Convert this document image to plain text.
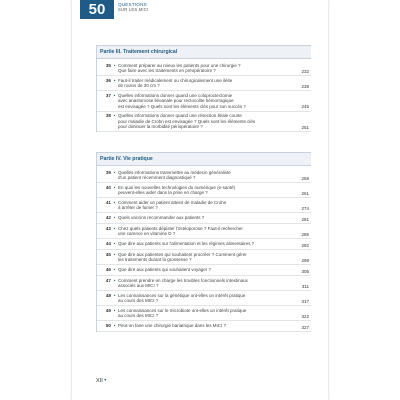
50	QUESTIONS
SUR LES MICI
Partie III. Traitement chirurgical
35 • Comment préparer au mieux les patients pour une chirurgie ?
Que faire avec les traitements en préopératoire ?	232
36 • Faut-il traiter médicalement ou chirurgicalement une iléite
de moins de 30 cm ?	238
37 • Quelles informations donner quand une coloproctectomie
avec anastomose iléoanale pour rectocolite hémorragique
est envisagée ? Quels sont les éléments clés pour son succès ?	245
38 • Quelles informations donner quand une résection iléale courte
pour maladie de Crohn est envisagée ? Quels sont les éléments clés
pour diminuer la morbidité périopératoire ?	251
Partie IV. Vie pratique
39 • Quelles informations transmettre au médecin généraliste
d'un patient récemment diagnostiqué ?	258
40 • En quoi les nouvelles technologies du numérique (e-santé)
peuvent-elles aider dans la prise en charge ?	261
41 • Comment aider un patient atteint de maladie de Crohn
à arrêter de fumer ?	274
42 • Quels vaccins recommander aux patients ?	281
43 • Chez quels patients dépister l'ostéoporose ? Faut-il rechercher
une carence en vitamine D ?	286
44 • Que dire aux patients sur l'alimentation et les régimes alimentaires ?	292
45 • Que dire aux patientes qui souhaitent procréer ? Comment gérer
les traitements durant la grossesse ?	298
46 • Que dire aux patients qui souhaitent voyager ?	305
47 • Comment prendre en charge les troubles fonctionnels intestinaux
associés aux MICI ?	311
48 • Les connaissances sur la génétique ont-elles un intérêt pratique
au cours des MICI ?	317
49 • Les connaissances sur le microbiote ont-elles un intérêt pratique
au cours des MICI ?	322
50 • Peut-on faire une chirurgie bariatrique dans les MICI ?	327
XII •
